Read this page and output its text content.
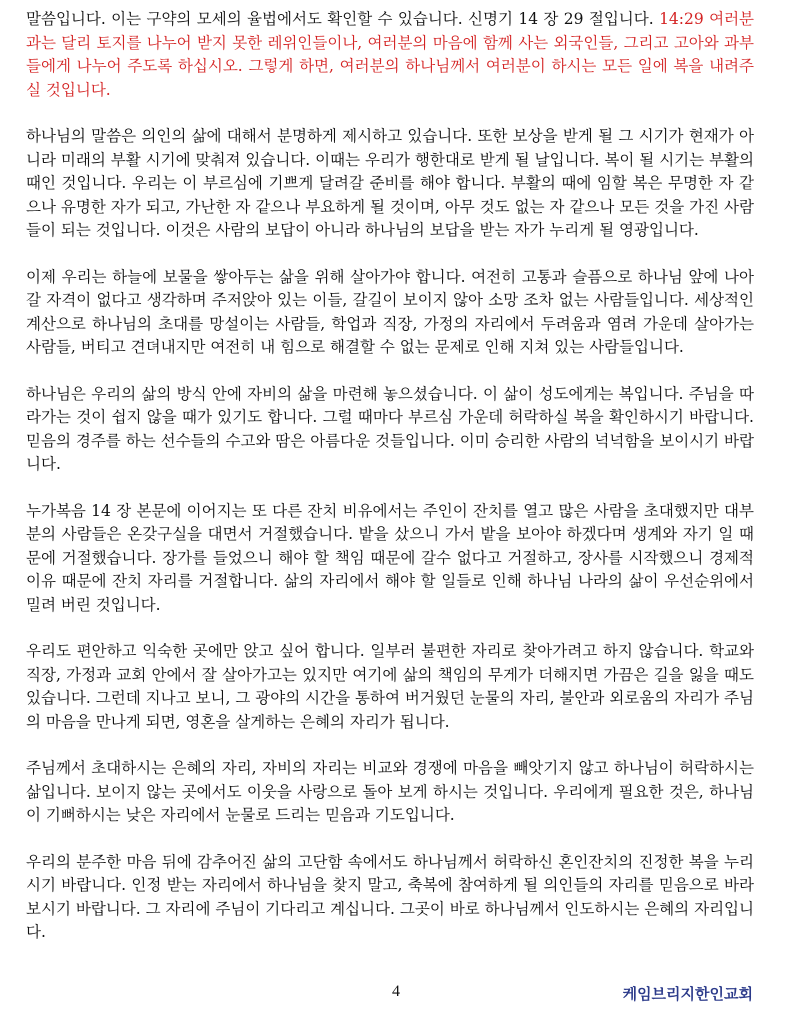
말씀입니다. 이는 구약의 모세의 율법에서도 확인할 수 있습니다. 신명기 14 장 29 절입니다. 14:29 여러분과는 달리 토지를 나누어 받지 못한 레위인들이나, 여러분의 마음에 함께 사는 외국인들, 그리고 고아와 과부들에게 나누어 주도록 하십시오. 그렇게 하면, 여러분의 하나님께서 여러분이 하시는 모든 일에 복을 내려주실 것입니다.

하나님의 말씀은 의인의 삶에 대해서 분명하게 제시하고 있습니다. 또한 보상을 받게 될 그 시기가 현재가 아니라 미래의 부활 시기에 맞춰져 있습니다. 이때는 우리가 행한대로 받게 될 날입니다. 복이 될 시기는 부활의 때인 것입니다. 우리는 이 부르심에 기쁘게 달려갈 준비를 해야 합니다. 부활의 때에 임할 복은 무명한 자 같으나 유명한 자가 되고, 가난한 자 같으나 부요하게 될 것이며, 아무 것도 없는 자 같으나 모든 것을 가진 사람들이 되는 것입니다. 이것은 사람의 보답이 아니라 하나님의 보답을 받는 자가 누리게 될 영광입니다.

이제 우리는 하늘에 보물을 쌓아두는 삶을 위해 살아가야 합니다. 여전히 고통과 슬픔으로 하나님 앞에 나아갈 자격이 없다고 생각하며 주저앉아 있는 이들, 갈길이 보이지 않아 소망 조차 없는 사람들입니다. 세상적인 계산으로 하나님의 초대를 망설이는 사람들, 학업과 직장, 가정의 자리에서 두려움과 염려 가운데 살아가는 사람들, 버티고 견뎌내지만 여전히 내 힘으로 해결할 수 없는 문제로 인해 지쳐 있는 사람들입니다.

하나님은 우리의 삶의 방식 안에 자비의 삶을 마련해 놓으셨습니다. 이 삶이 성도에게는 복입니다. 주님을 따라가는 것이 쉽지 않을 때가 있기도 합니다. 그럴 때마다 부르심 가운데 허락하실 복을 확인하시기 바랍니다. 믿음의 경주를 하는 선수들의 수고와 땀은 아름다운 것들입니다. 이미 승리한 사람의 넉넉함을 보이시기 바랍니다.

누가복음 14 장 본문에 이어지는 또 다른 잔치 비유에서는 주인이 잔치를 열고 많은 사람을 초대했지만 대부분의 사람들은 온갖구실을 대면서 거절했습니다. 밭을 샀으니 가서 밭을 보아야 하겠다며 생계와 자기 일 때문에 거절했습니다. 장가를 들었으니 해야 할 책임 때문에 갈수 없다고 거절하고, 장사를 시작했으니 경제적 이유 때문에 잔치 자리를 거절합니다. 삶의 자리에서 해야 할 일들로 인해 하나님 나라의 삶이 우선순위에서 밀려 버린 것입니다.

우리도 편안하고 익숙한 곳에만 앉고 싶어 합니다. 일부러 불편한 자리로 찾아가려고 하지 않습니다. 학교와 직장, 가정과 교회 안에서 잘 살아가고는 있지만 여기에 삶의 책임의 무게가 더해지면 가끔은 길을 잃을 때도 있습니다. 그런데 지나고 보니, 그 광야의 시간을 통하여 버거웠던 눈물의 자리, 불안과 외로움의 자리가 주님의 마음을 만나게 되면, 영혼을 살게하는 은혜의 자리가 됩니다.

주님께서 초대하시는 은혜의 자리, 자비의 자리는 비교와 경쟁에 마음을 빼앗기지 않고 하나님이 허락하시는 삶입니다. 보이지 않는 곳에서도 이웃을 사랑으로 돌아 보게 하시는 것입니다. 우리에게 필요한 것은, 하나님이 기뻐하시는 낮은 자리에서 눈물로 드리는 믿음과 기도입니다.

우리의 분주한 마음 뒤에 감추어진 삶의 고단함 속에서도 하나님께서 허락하신 혼인잔치의 진정한 복을 누리시기 바랍니다. 인정 받는 자리에서 하나님을 찾지 말고, 축복에 참여하게 될 의인들의 자리를 믿음으로 바라보시기 바랍니다. 그 자리에 주님이 기다리고 계십니다. 그곳이 바로 하나님께서 인도하시는 은혜의 자리입니다.

4	케임브리지한인교회
